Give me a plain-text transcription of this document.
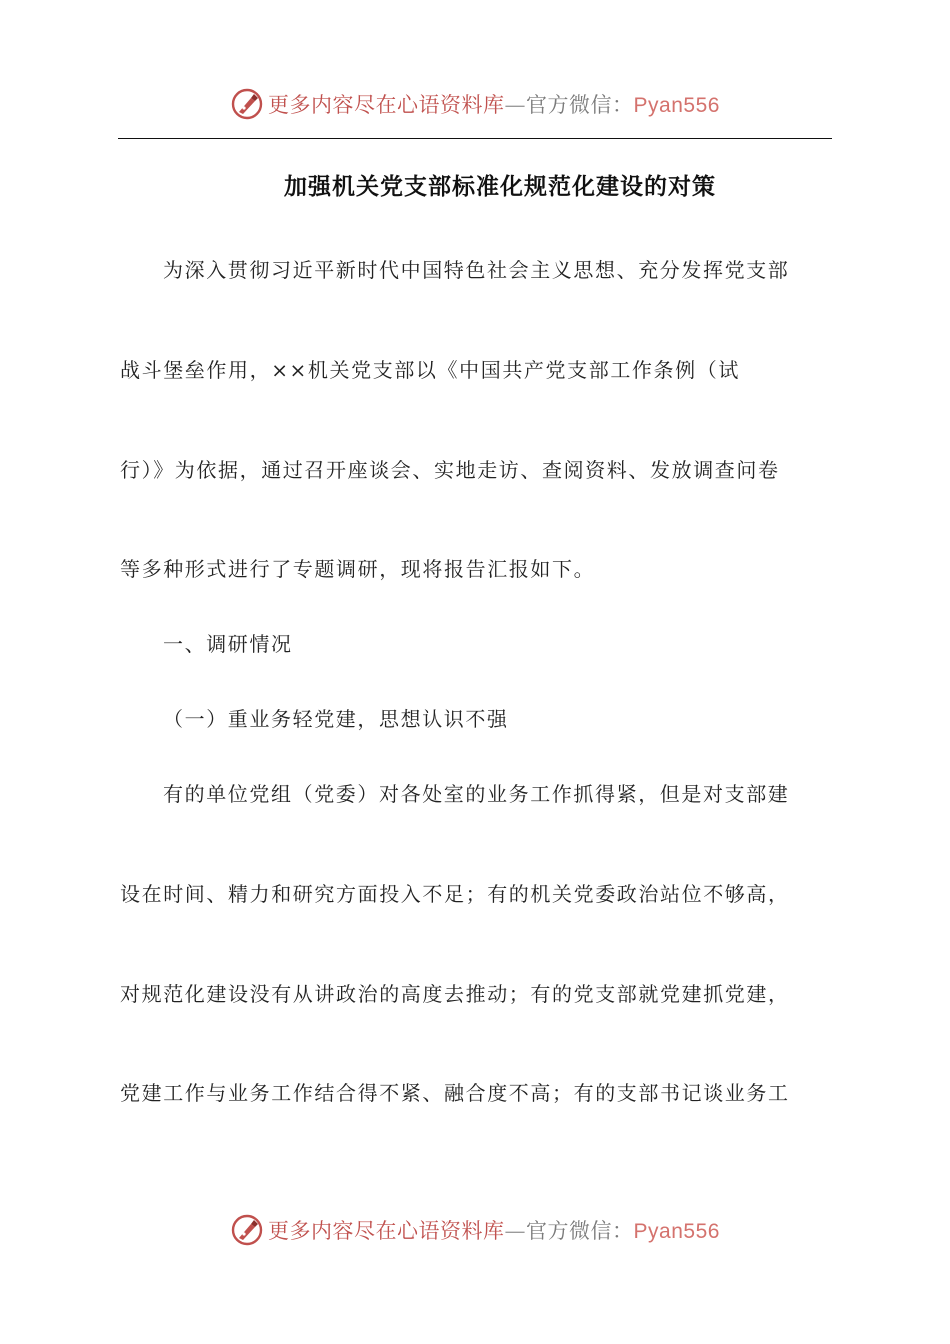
更多内容尽在心语资料库—官方微信：Pyan556
加强机关党支部标准化规范化建设的对策
为深入贯彻习近平新时代中国特色社会主义思想、充分发挥党支部
战斗堡垒作用，××机关党支部以《中国共产党支部工作条例（试
行）》为依据，通过召开座谈会、实地走访、查阅资料、发放调查问卷
等多种形式进行了专题调研，现将报告汇报如下。
一、调研情况
（一）重业务轻党建，思想认识不强
有的单位党组（党委）对各处室的业务工作抓得紧，但是对支部建
设在时间、精力和研究方面投入不足；有的机关党委政治站位不够高，
对规范化建设没有从讲政治的高度去推动；有的党支部就党建抓党建，
党建工作与业务工作结合得不紧、融合度不高；有的支部书记谈业务工
更多内容尽在心语资料库—官方微信：Pyan556
